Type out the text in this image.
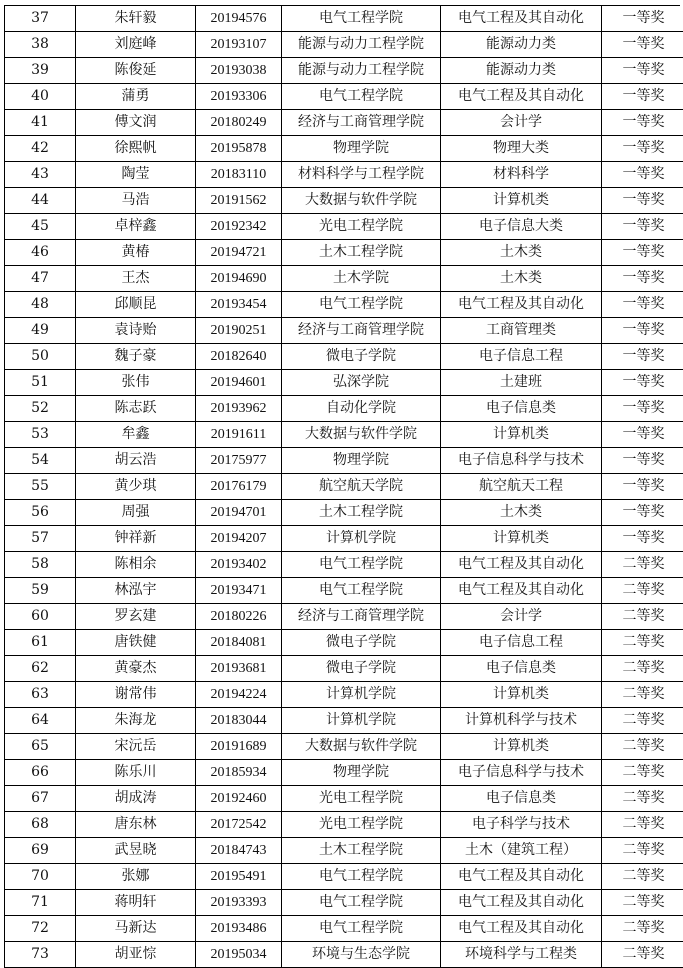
37	朱轩毅	20194576	电气工程学院	电气工程及其自动化	一等奖
38	刘庭峰	20193107	能源与动力工程学院	能源动力类	一等奖
39	陈俊延	20193038	能源与动力工程学院	能源动力类	一等奖
40	蒲勇	20193306	电气工程学院	电气工程及其自动化	一等奖
41	傅文润	20180249	经济与工商管理学院	会计学	一等奖
42	徐熙帆	20195878	物理学院	物理大类	一等奖
43	陶莹	20183110	材料科学与工程学院	材料科学	一等奖
44	马浩	20191562	大数据与软件学院	计算机类	一等奖
45	卓梓鑫	20192342	光电工程学院	电子信息大类	一等奖
46	黄椿	20194721	土木工程学院	土木类	一等奖
47	王杰	20194690	土木学院	土木类	一等奖
48	邱顺昆	20193454	电气工程学院	电气工程及其自动化	一等奖
49	袁诗贻	20190251	经济与工商管理学院	工商管理类	一等奖
50	魏子豪	20182640	微电子学院	电子信息工程	一等奖
51	张伟	20194601	弘深学院	土建班	一等奖
52	陈志跃	20193962	自动化学院	电子信息类	一等奖
53	牟鑫	20191611	大数据与软件学院	计算机类	一等奖
54	胡云浩	20175977	物理学院	电子信息科学与技术	一等奖
55	黄少琪	20176179	航空航天学院	航空航天工程	一等奖
56	周强	20194701	土木工程学院	土木类	一等奖
57	钟祥新	20194207	计算机学院	计算机类	一等奖
58	陈相余	20193402	电气工程学院	电气工程及其自动化	二等奖
59	林泓宇	20193471	电气工程学院	电气工程及其自动化	二等奖
60	罗玄建	20180226	经济与工商管理学院	会计学	二等奖
61	唐铁健	20184081	微电子学院	电子信息工程	二等奖
62	黄豪杰	20193681	微电子学院	电子信息类	二等奖
63	谢常伟	20194224	计算机学院	计算机类	二等奖
64	朱海龙	20183044	计算机学院	计算机科学与技术	二等奖
65	宋沅岳	20191689	大数据与软件学院	计算机类	二等奖
66	陈乐川	20185934	物理学院	电子信息科学与技术	二等奖
67	胡成涛	20192460	光电工程学院	电子信息类	二等奖
68	唐东林	20172542	光电工程学院	电子科学与技术	二等奖
69	武昱晓	20184743	土木工程学院	土木（建筑工程）	二等奖
70	张娜	20195491	电气工程学院	电气工程及其自动化	二等奖
71	蒋明轩	20193393	电气工程学院	电气工程及其自动化	二等奖
72	马新达	20193486	电气工程学院	电气工程及其自动化	二等奖
73	胡亚悰	20195034	环境与生态学院	环境科学与工程类	二等奖
